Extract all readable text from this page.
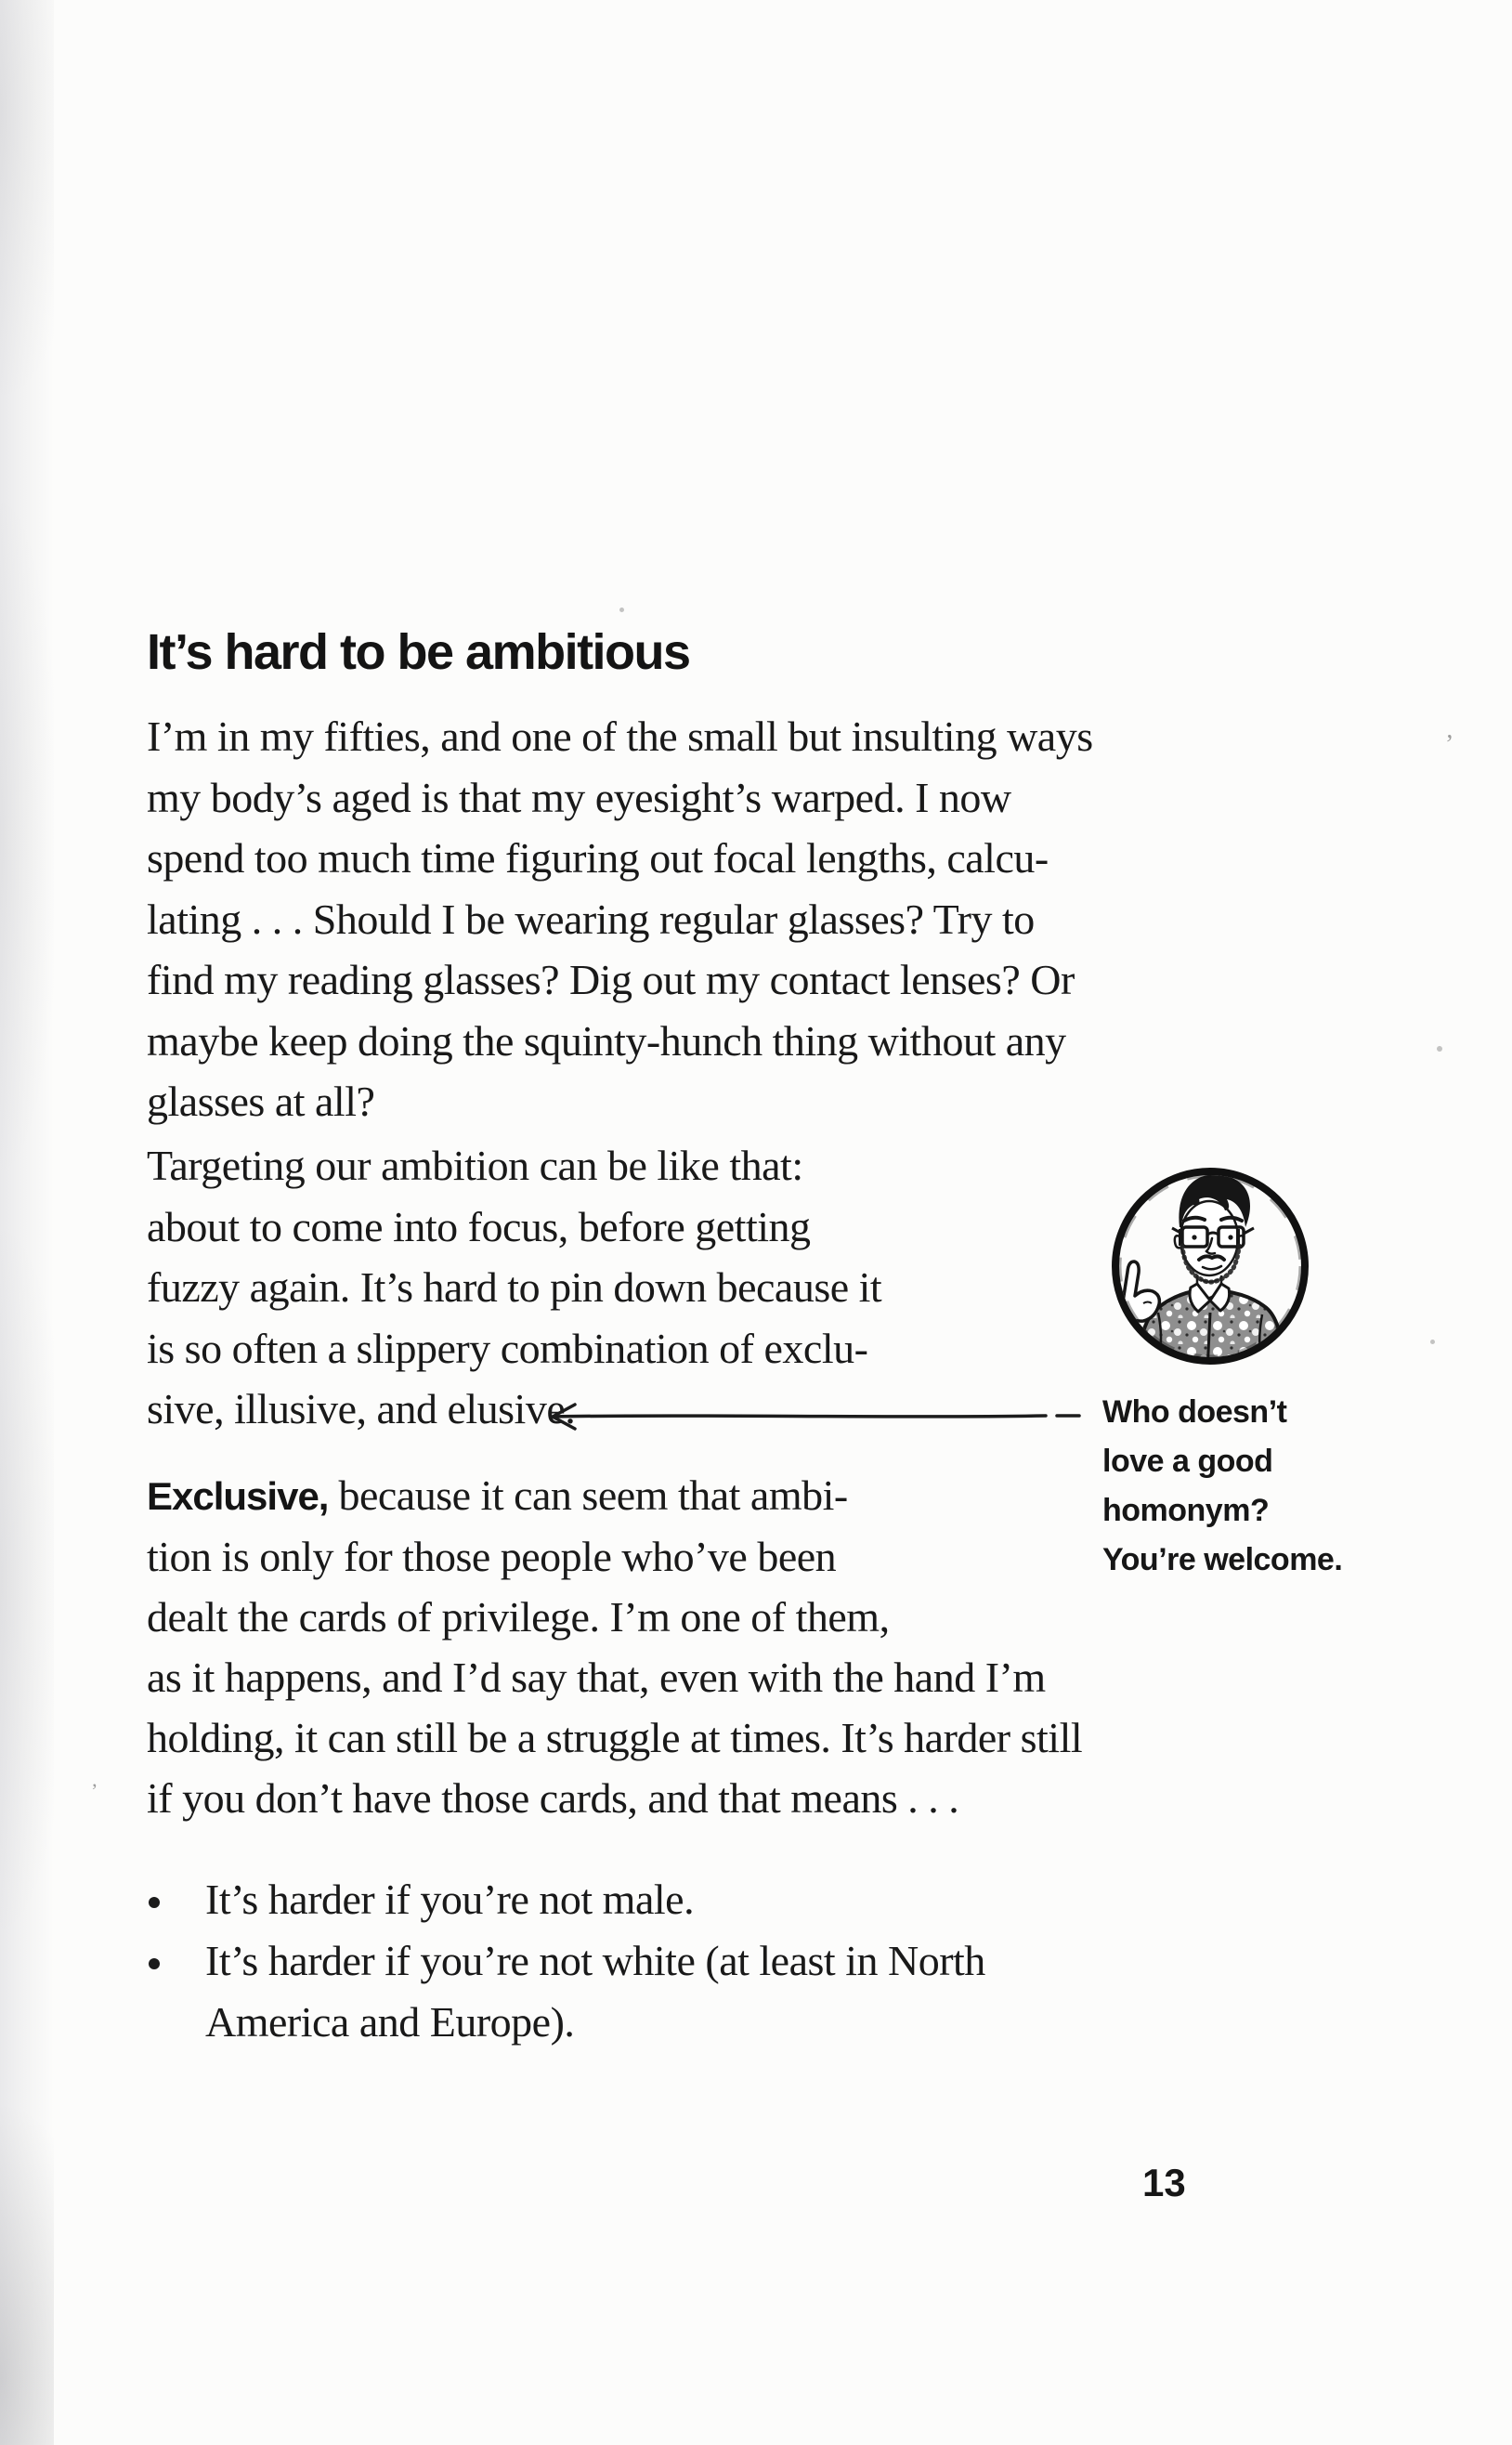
It’s hard to be ambitious
I’m in my fifties, and one of the small but insulting ways
my body’s aged is that my eyesight’s warped. I now
spend too much time figuring out focal lengths, calcu-
lating . . . Should I be wearing regular glasses? Try to
find my reading glasses? Dig out my contact lenses? Or
maybe keep doing the squinty-hunch thing without any
glasses at all?
Targeting our ambition can be like that:
about to come into focus, before getting
fuzzy again. It’s hard to pin down because it
is so often a slippery combination of exclu-
sive, illusive, and elusive.
Exclusive, because it can seem that ambi-
tion is only for those people who’ve been
dealt the cards of privilege. I’m one of them,
as it happens, and I’d say that, even with the hand I’m
holding, it can still be a struggle at times. It’s harder still
if you don’t have those cards, and that means . . .
It’s harder if you’re not male.
It’s harder if you’re not white (at least in North
America and Europe).
Who doesn’t
love a good
homonym?
You’re welcome.
13
’
’
